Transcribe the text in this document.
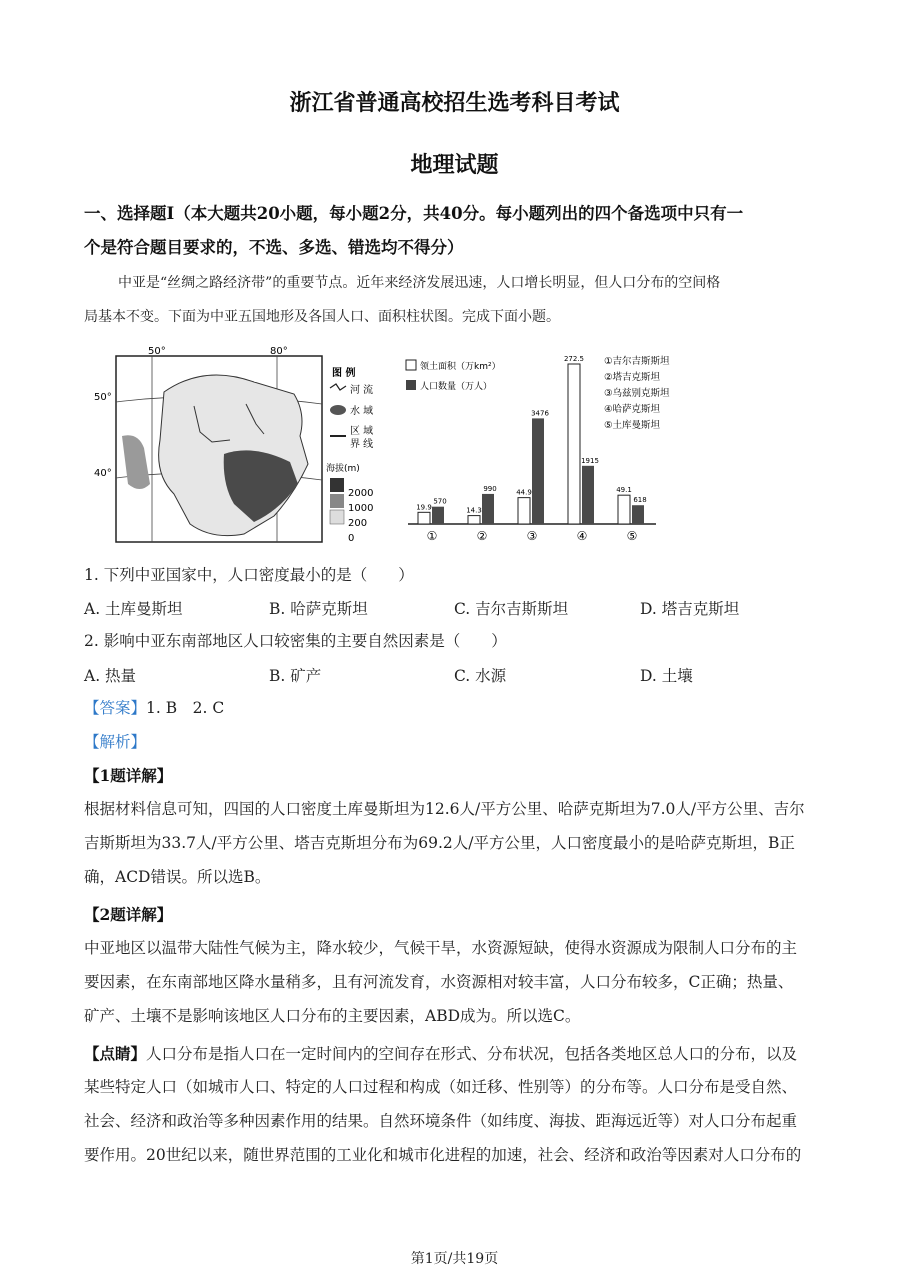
浙江省普通高校招生选考科目考试
地理试题
一、选择题Ⅰ（本大题共20小题，每小题2分，共40分。每小题列出的四个备选项中只有一
个是符合题目要求的，不选、多选、错选均不得分）
中亚是“丝绸之路经济带”的重要节点。近年来经济发展迅速，人口增长明显，但人口分布的空间格
局基本不变。下面为中亚五国地形及各国人口、面积柱状图。完成下面小题。
50°	80°
50°
40°
图 例
河 流
水 域
区 域
界 线
海拔(m)
2000
1000
200
0
领土面积（万km²）
人口数量（万人）
①吉尔吉斯斯坦
②塔吉克斯坦
③乌兹别克斯坦
④哈萨克斯坦
⑤土库曼斯坦
19.9
570
①
14.3
990
②
44.9
3476
③
272.5
1915
④
49.1
618
⑤
1. 下列中亚国家中，人口密度最小的是（　　）
A. 土库曼斯坦	B. 哈萨克斯坦	C. 吉尔吉斯斯坦	D. 塔吉克斯坦
2. 影响中亚东南部地区人口较密集的主要自然因素是（　　）
A. 热量	B. 矿产	C. 水源	D. 土壤
【答案】1. B　2. C
【解析】
【1题详解】
根据材料信息可知，四国的人口密度土库曼斯坦为12.6人/平方公里、哈萨克斯坦为7.0人/平方公里、吉尔
吉斯斯坦为33.7人/平方公里、塔吉克斯坦分布为69.2人/平方公里，人口密度最小的是哈萨克斯坦，B正
确，ACD错误。所以选B。
【2题详解】
中亚地区以温带大陆性气候为主，降水较少，气候干旱，水资源短缺，使得水资源成为限制人口分布的主
要因素，在东南部地区降水量稍多，且有河流发育，水资源相对较丰富，人口分布较多，C正确；热量、
矿产、土壤不是影响该地区人口分布的主要因素，ABD成为。所以选C。
【点睛】人口分布是指人口在一定时间内的空间存在形式、分布状况，包括各类地区总人口的分布，以及
某些特定人口（如城市人口、特定的人口过程和构成（如迁移、性别等）的分布等。人口分布是受自然、
社会、经济和政治等多种因素作用的结果。自然环境条件（如纬度、海拔、距海远近等）对人口分布起重
要作用。20世纪以来，随世界范围的工业化和城市化进程的加速，社会、经济和政治等因素对人口分布的
第1页/共19页
